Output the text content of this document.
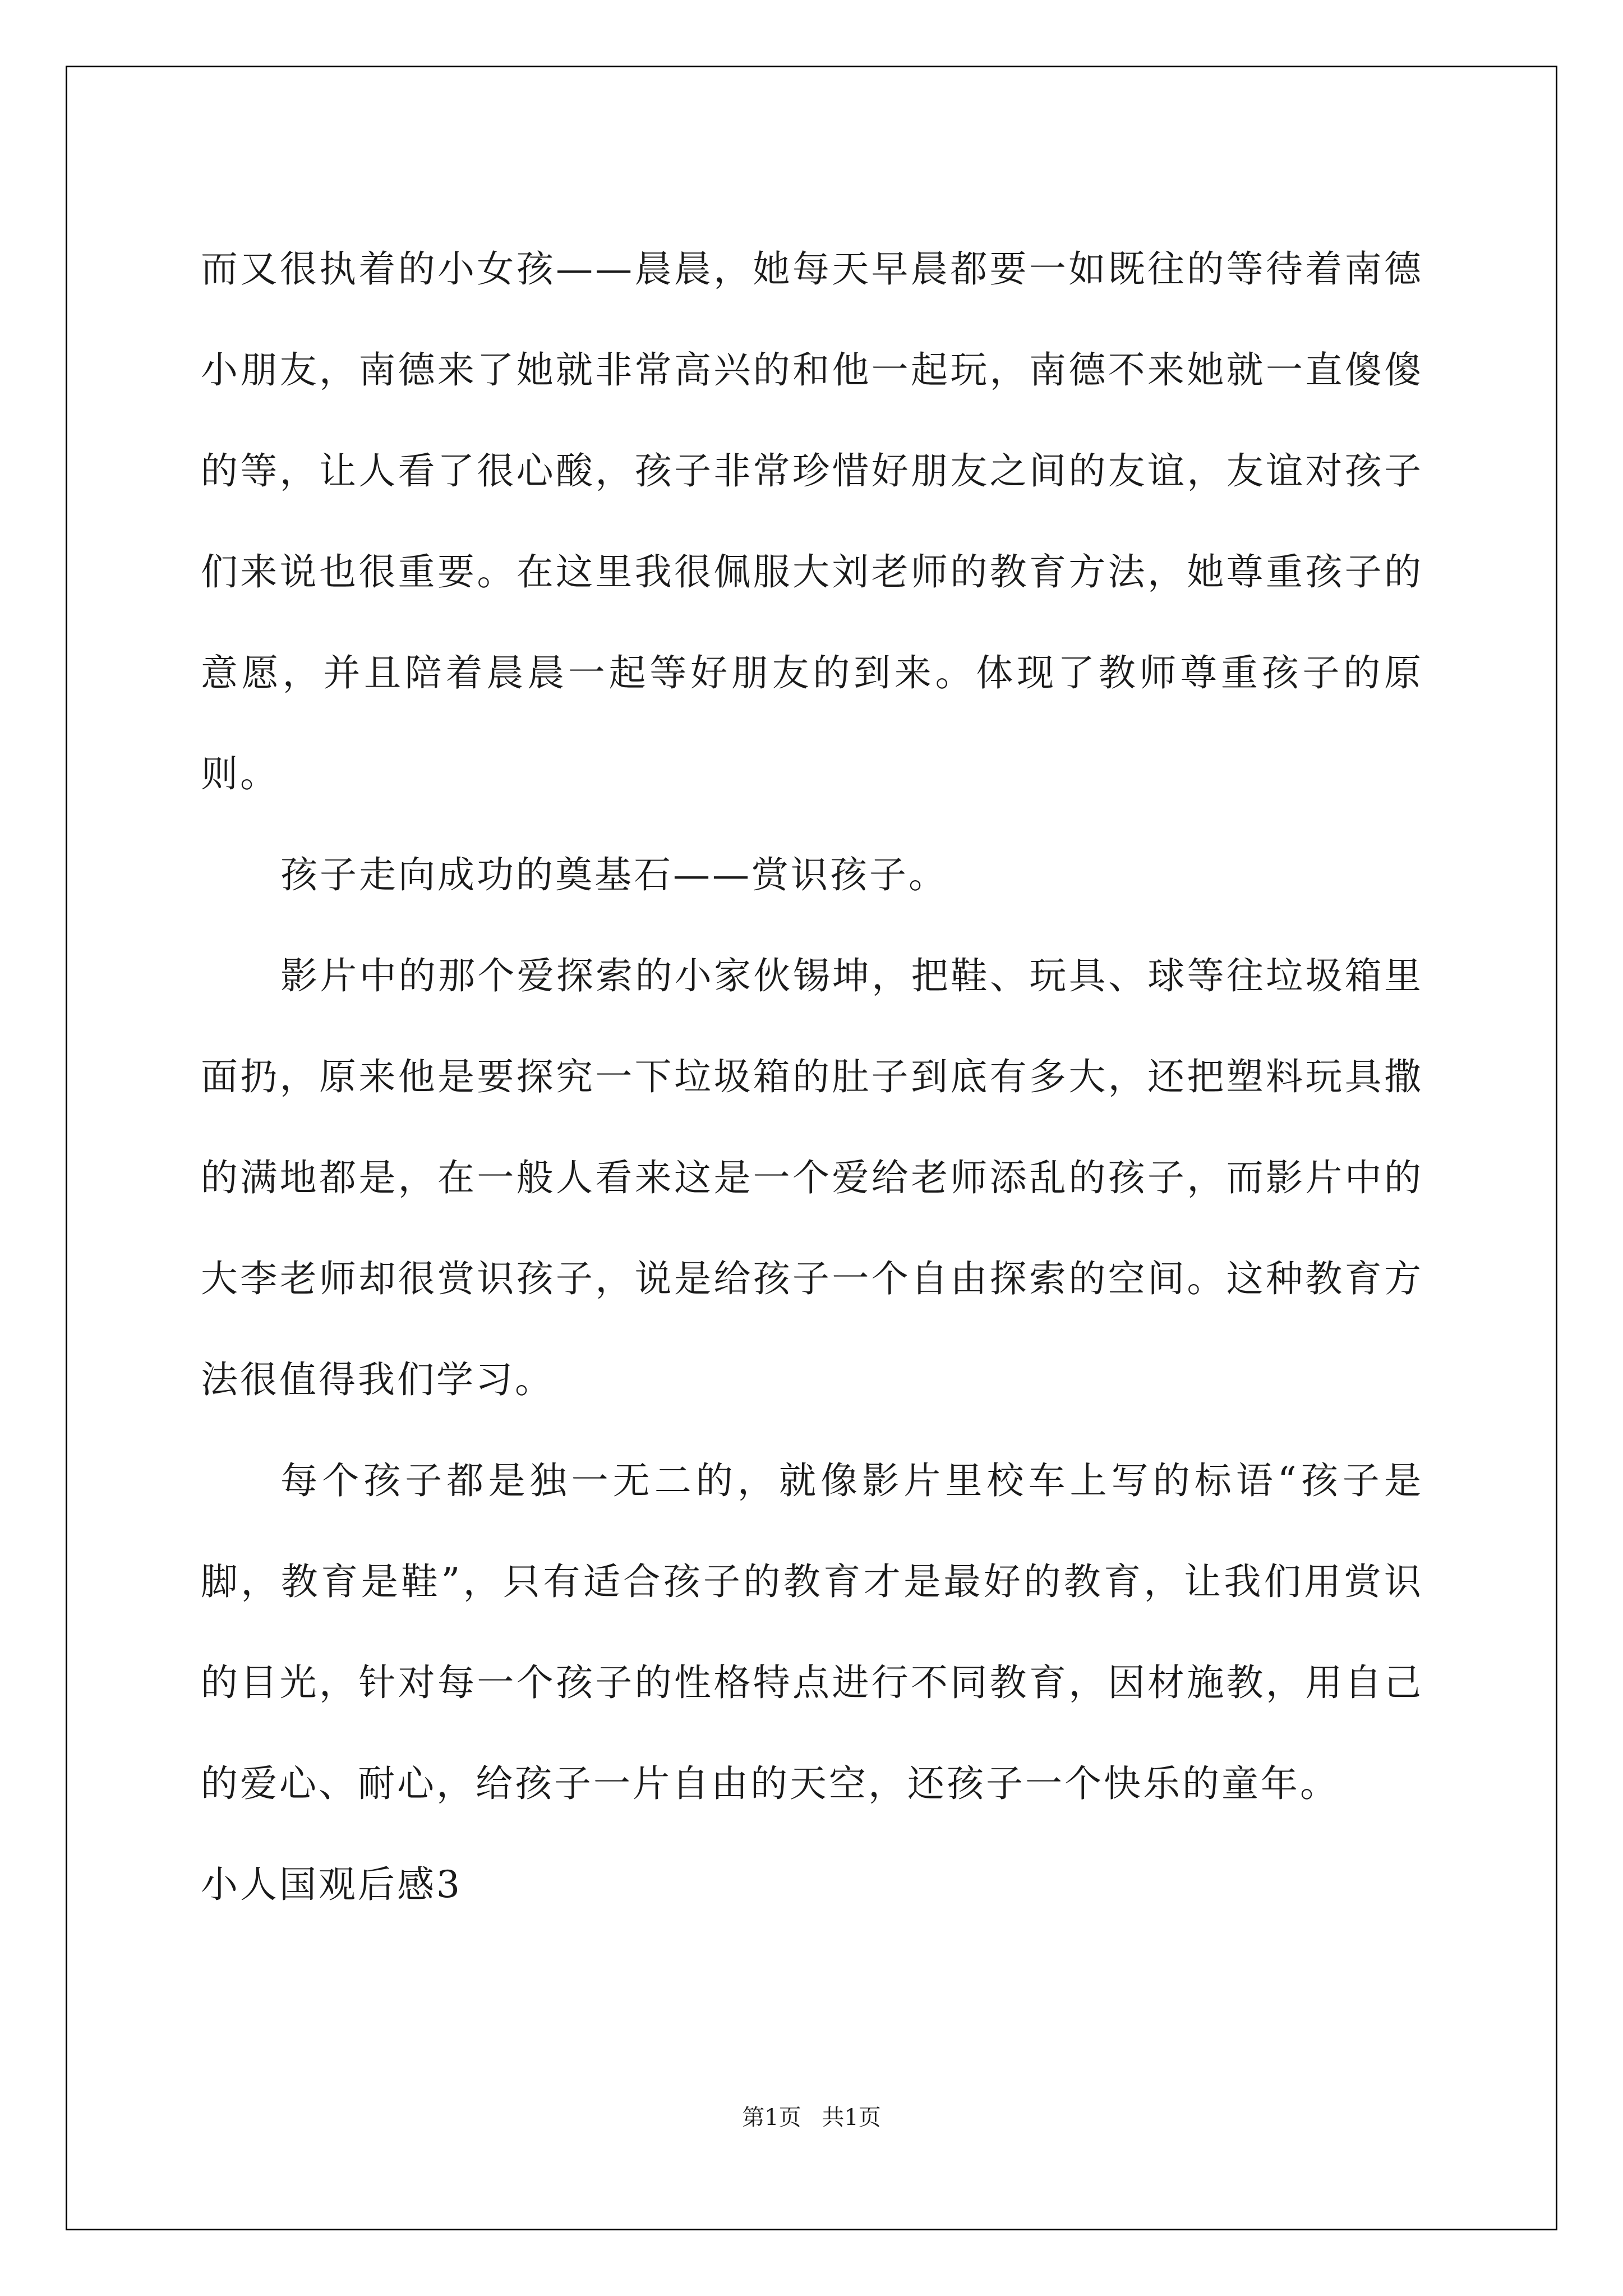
而又很执着的小女孩——晨晨，她每天早晨都要一如既往的等待着南德小朋友，南德来了她就非常高兴的和他一起玩，南德不来她就一直傻傻的等，让人看了很心酸，孩子非常珍惜好朋友之间的友谊，友谊对孩子们来说也很重要。在这里我很佩服大刘老师的教育方法，她尊重孩子的意愿，并且陪着晨晨一起等好朋友的到来。体现了教师尊重孩子的原则。

孩子走向成功的奠基石——赏识孩子。

影片中的那个爱探索的小家伙锡坤，把鞋、玩具、球等往垃圾箱里面扔，原来他是要探究一下垃圾箱的肚子到底有多大，还把塑料玩具撒的满地都是，在一般人看来这是一个爱给老师添乱的孩子，而影片中的大李老师却很赏识孩子，说是给孩子一个自由探索的空间。这种教育方法很值得我们学习。

每个孩子都是独一无二的，就像影片里校车上写的标语“孩子是脚，教育是鞋”，只有适合孩子的教育才是最好的教育，让我们用赏识的目光，针对每一个孩子的性格特点进行不同教育，因材施教，用自己的爱心、耐心，给孩子一片自由的天空，还孩子一个快乐的童年。

小人国观后感3

第1页 共1页
